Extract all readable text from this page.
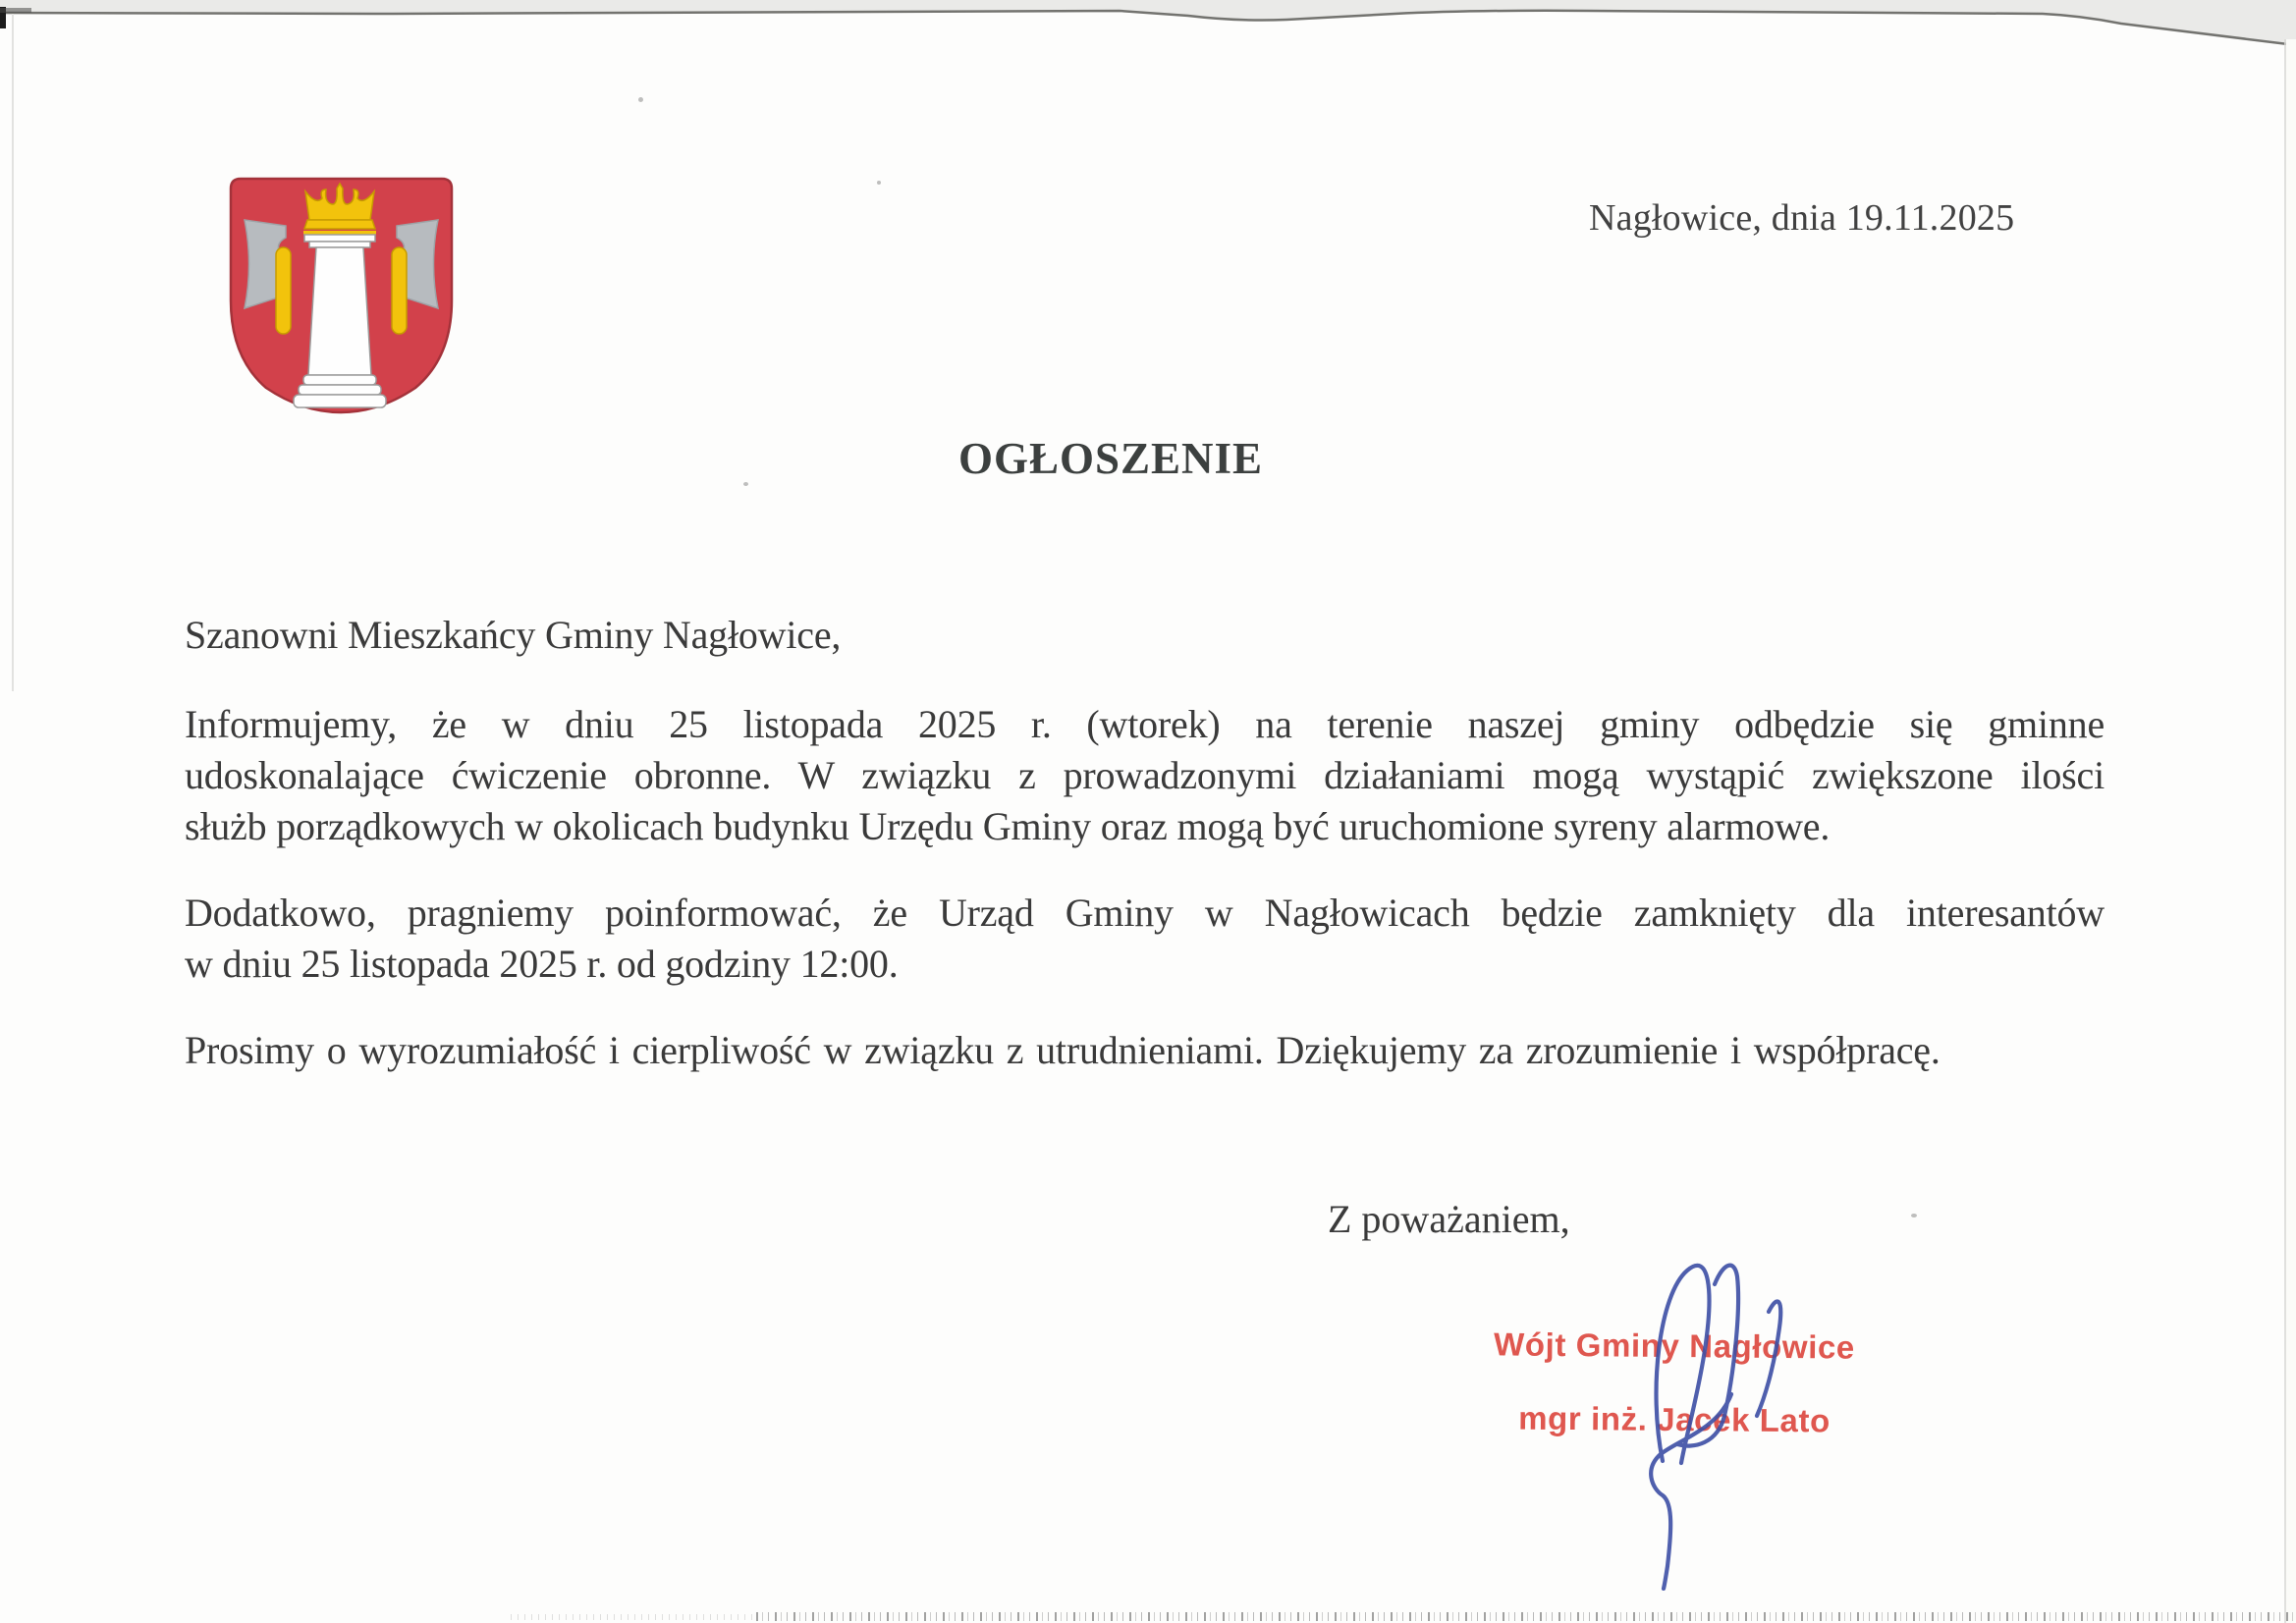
Nagłowice, dnia 19.11.2025
OGŁOSZENIE
Szanowni Mieszkańcy Gminy Nagłowice,
Informujemy, że w dniu 25 listopada 2025 r. (wtorek) na terenie naszej gminy odbędzie się gminne
udoskonalające ćwiczenie obronne. W związku z prowadzonymi działaniami mogą wystąpić zwiększone ilości
służb porządkowych w okolicach budynku Urzędu Gminy oraz mogą być uruchomione syreny alarmowe.
Dodatkowo, pragniemy poinformować, że Urząd Gminy w Nagłowicach będzie zamknięty dla interesantów
w dniu 25 listopada 2025 r. od godziny 12:00.
Prosimy o wyrozumiałość i cierpliwość w związku z utrudnieniami. Dziękujemy za zrozumienie i współpracę.
Z poważaniem,
Wójt Gminy Nagłowice
mgr inż. Jacek Lato
